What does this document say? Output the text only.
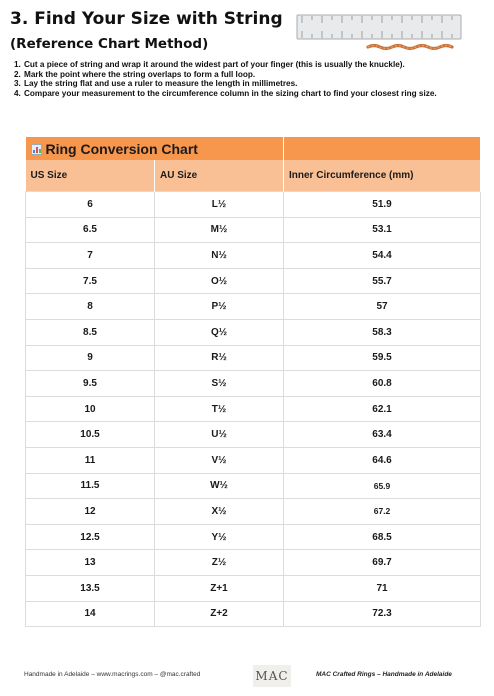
3. Find Your Size with String
(Reference Chart Method)
1. Cut a piece of string and wrap it around the widest part of your finger (this is usually the knuckle).
2. Mark the point where the string overlaps to form a full loop.
3. Lay the string flat and use a ruler to measure the length in millimetres.
4. Compare your measurement to the circumference column in the sizing chart to find your closest ring size.
Ring Conversion Chart		
US Size	AU Size	Inner Circumference (mm)
6	L½	51.9
6.5	M½	53.1
7	N½	54.4
7.5	O½	55.7
8	P½	57
8.5	Q½	58.3
9	R½	59.5
9.5	S½	60.8
10	T½	62.1
10.5	U½	63.4
11	V½	64.6
11.5	W½	65.9
12	X½	67.2
12.5	Y½	68.5
13	Z½	69.7
13.5	Z+1	71
14	Z+2	72.3
Handmade in Adelaide – www.macrings.com – @mac.crafted	MAC	MAC Crafted Rings – Handmade in Adelaide
